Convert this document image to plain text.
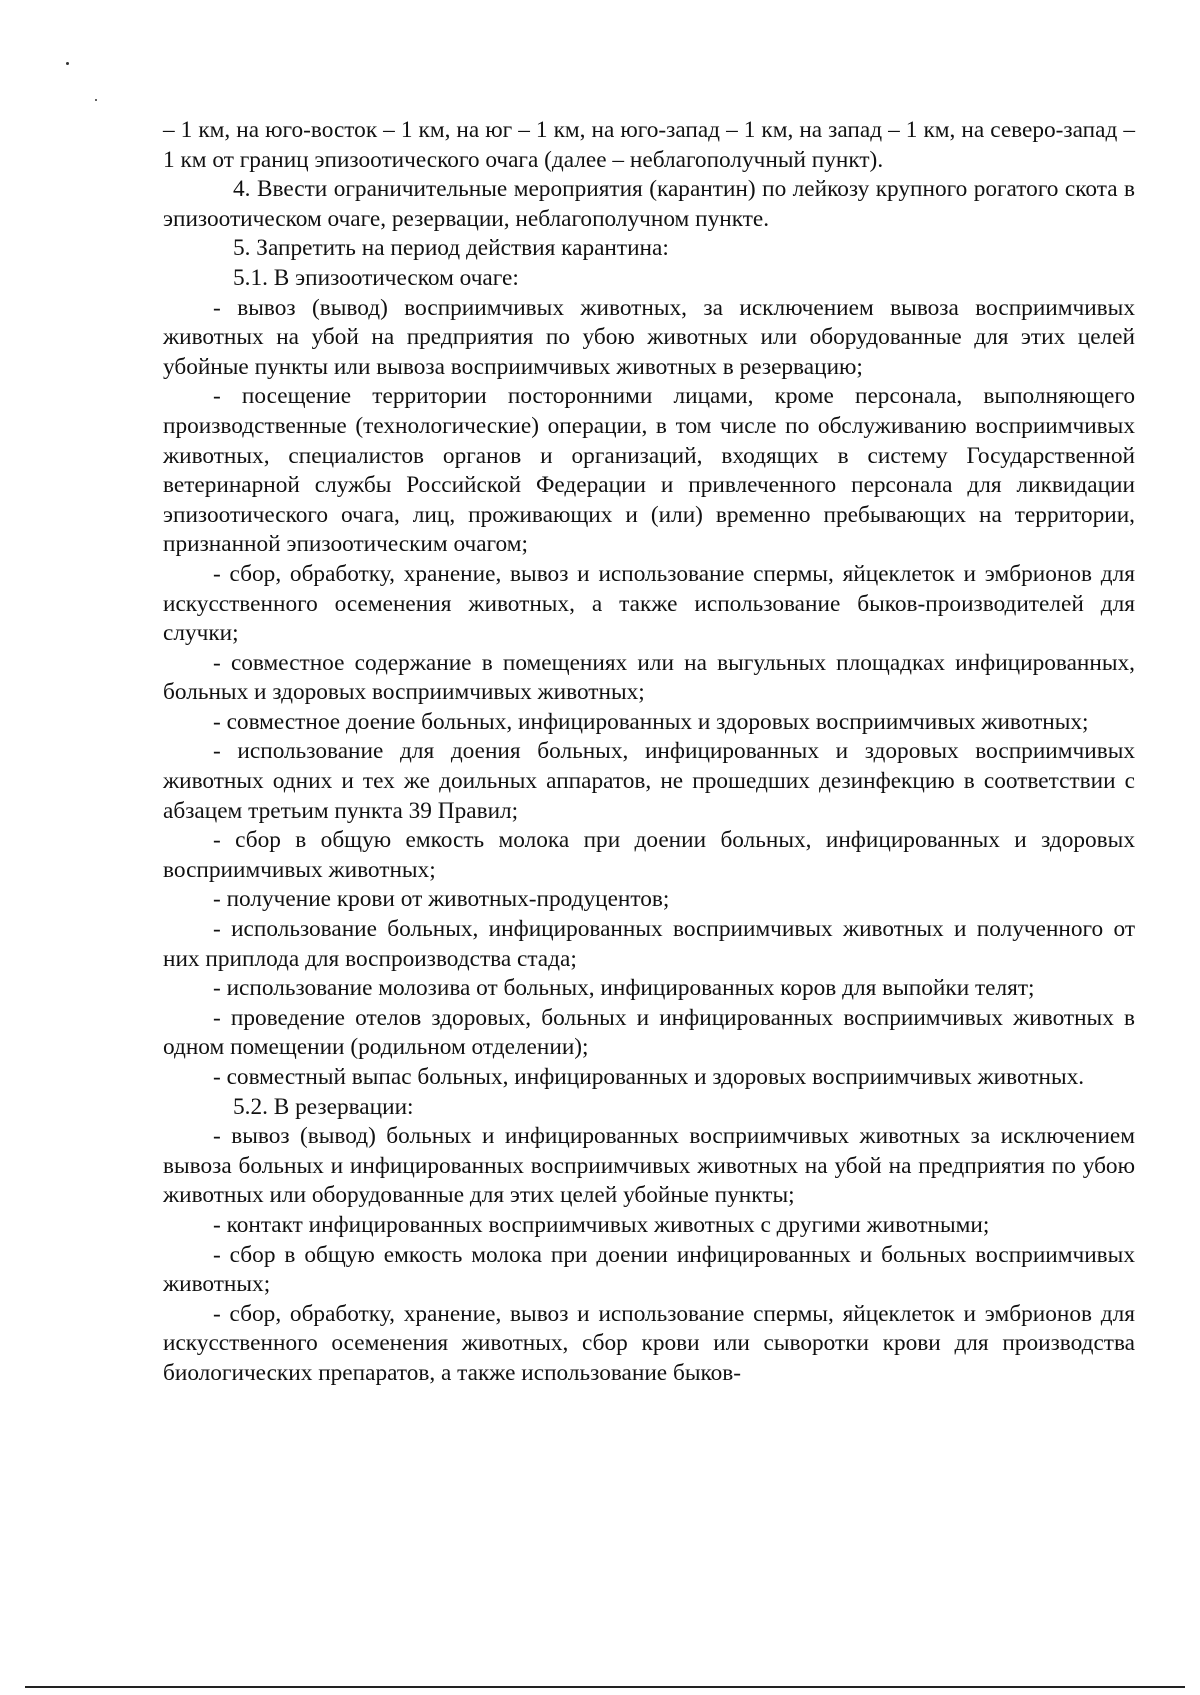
– 1 км, на юго-восток – 1 км, на юг – 1 км, на юго-запад – 1 км, на запад – 1 км, на северо-запад – 1 км от границ эпизоотического очага (далее – неблагополучный пункт).

4. Ввести ограничительные мероприятия (карантин) по лейкозу крупного рогатого скота в эпизоотическом очаге, резервации, неблагополучном пункте.

5. Запретить на период действия карантина:

5.1. В эпизоотическом очаге:

- вывоз (вывод) восприимчивых животных, за исключением вывоза восприимчивых животных на убой на предприятия по убою животных или оборудованные для этих целей убойные пункты или вывоза восприимчивых животных в резервацию;

- посещение территории посторонними лицами, кроме персонала, выполняющего производственные (технологические) операции, в том числе по обслуживанию восприимчивых животных, специалистов органов и организаций, входящих в систему Государственной ветеринарной службы Российской Федерации и привлеченного персонала для ликвидации эпизоотического очага, лиц, проживающих и (или) временно пребывающих на территории, признанной эпизоотическим очагом;

- сбор, обработку, хранение, вывоз и использование спермы, яйцеклеток и эмбрионов для искусственного осеменения животных, а также использование быков-производителей для случки;

- совместное содержание в помещениях или на выгульных площадках инфицированных, больных и здоровых восприимчивых животных;

- совместное доение больных, инфицированных и здоровых восприимчивых животных;

- использование для доения больных, инфицированных и здоровых восприимчивых животных одних и тех же доильных аппаратов, не прошедших дезинфекцию в соответствии с абзацем третьим пункта 39 Правил;

- сбор в общую емкость молока при доении больных, инфицированных и здоровых восприимчивых животных;

- получение крови от животных-продуцентов;

- использование больных, инфицированных восприимчивых животных и полученного от них приплода для воспроизводства стада;

- использование молозива от больных, инфицированных коров для выпойки телят;

- проведение отелов здоровых, больных и инфицированных восприимчивых животных в одном помещении (родильном отделении);

- совместный выпас больных, инфицированных и здоровых восприимчивых животных.

5.2. В резервации:

- вывоз (вывод) больных и инфицированных восприимчивых животных за исключением вывоза больных и инфицированных восприимчивых животных на убой на предприятия по убою животных или оборудованные для этих целей убойные пункты;

- контакт инфицированных восприимчивых животных с другими животными;

- сбор в общую емкость молока при доении инфицированных и больных восприимчивых животных;

- сбор, обработку, хранение, вывоз и использование спермы, яйцеклеток и эмбрионов для искусственного осеменения животных, сбор крови или сыворотки крови для производства биологических препаратов, а также использование быков-
